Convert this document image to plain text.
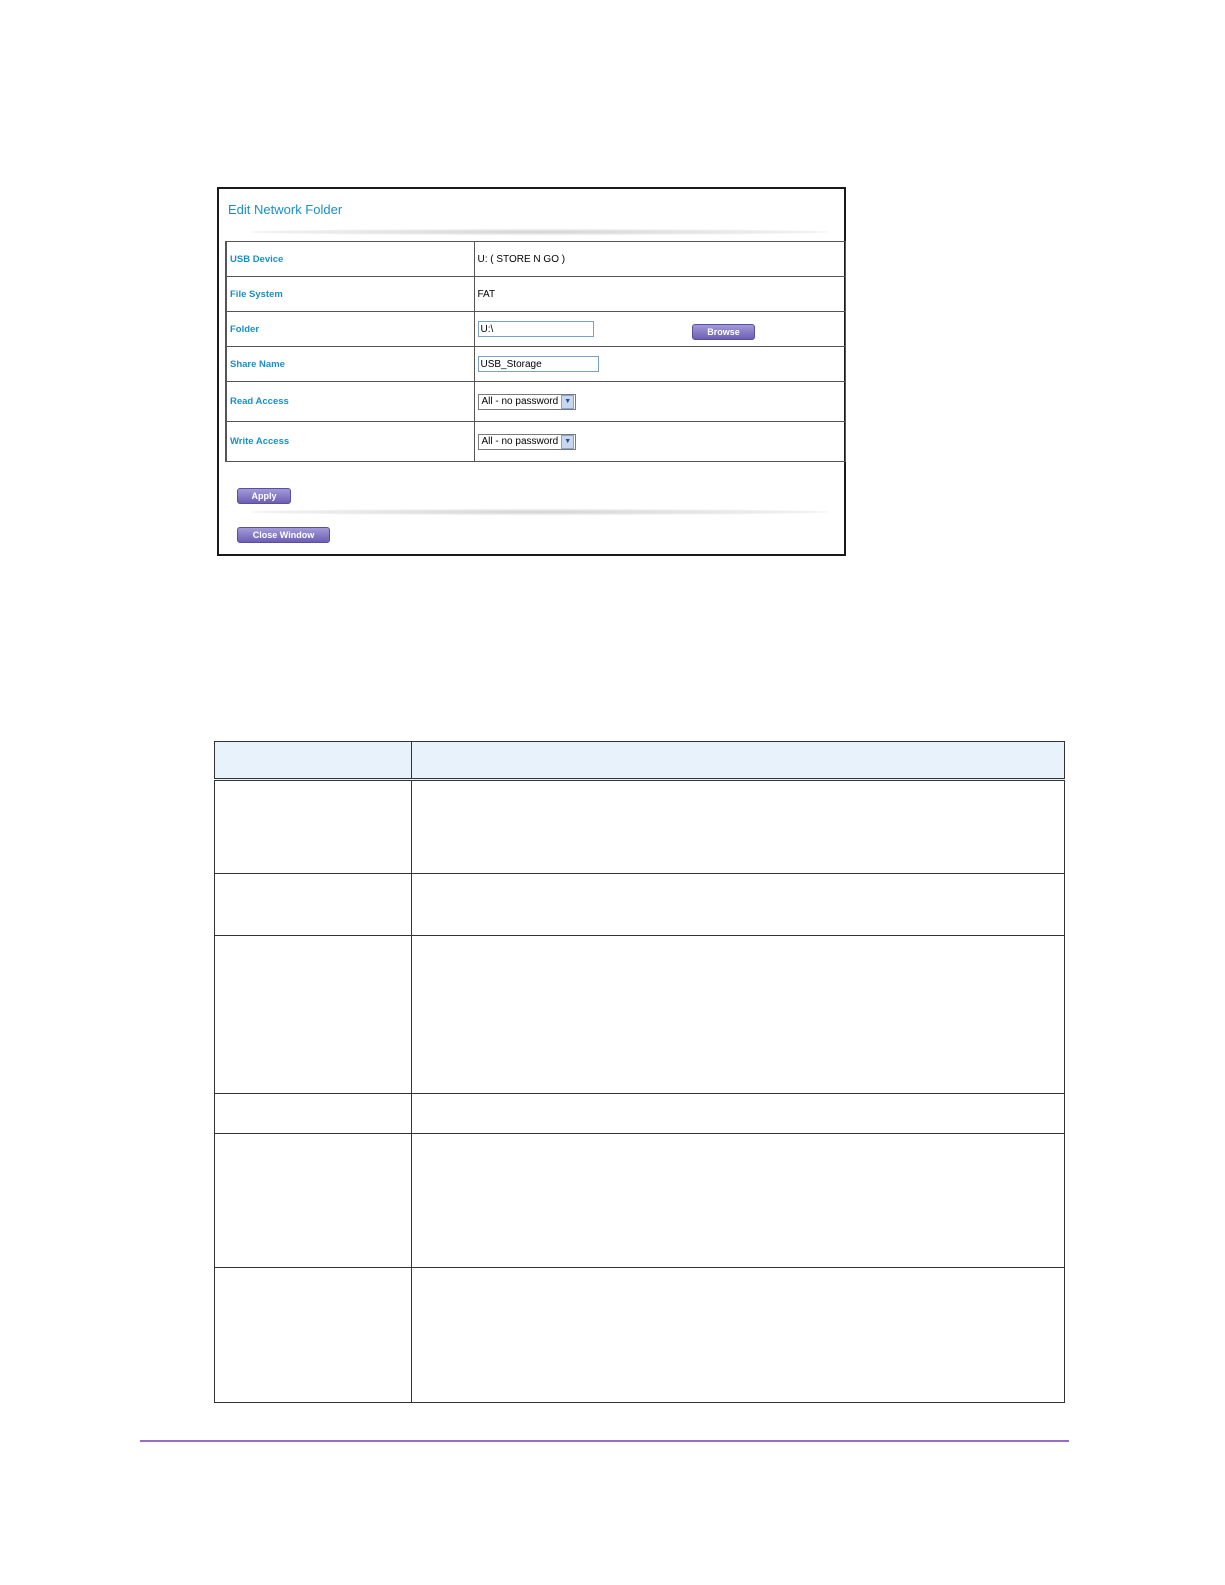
Edit Network Folder
USB Device	U: ( STORE N GO )
File System	FAT
Folder	U:\
Share Name	USB_Storage
Read Access	All - no password ▼

Write Access	All - no password ▼
Browse
Apply
Close Window
